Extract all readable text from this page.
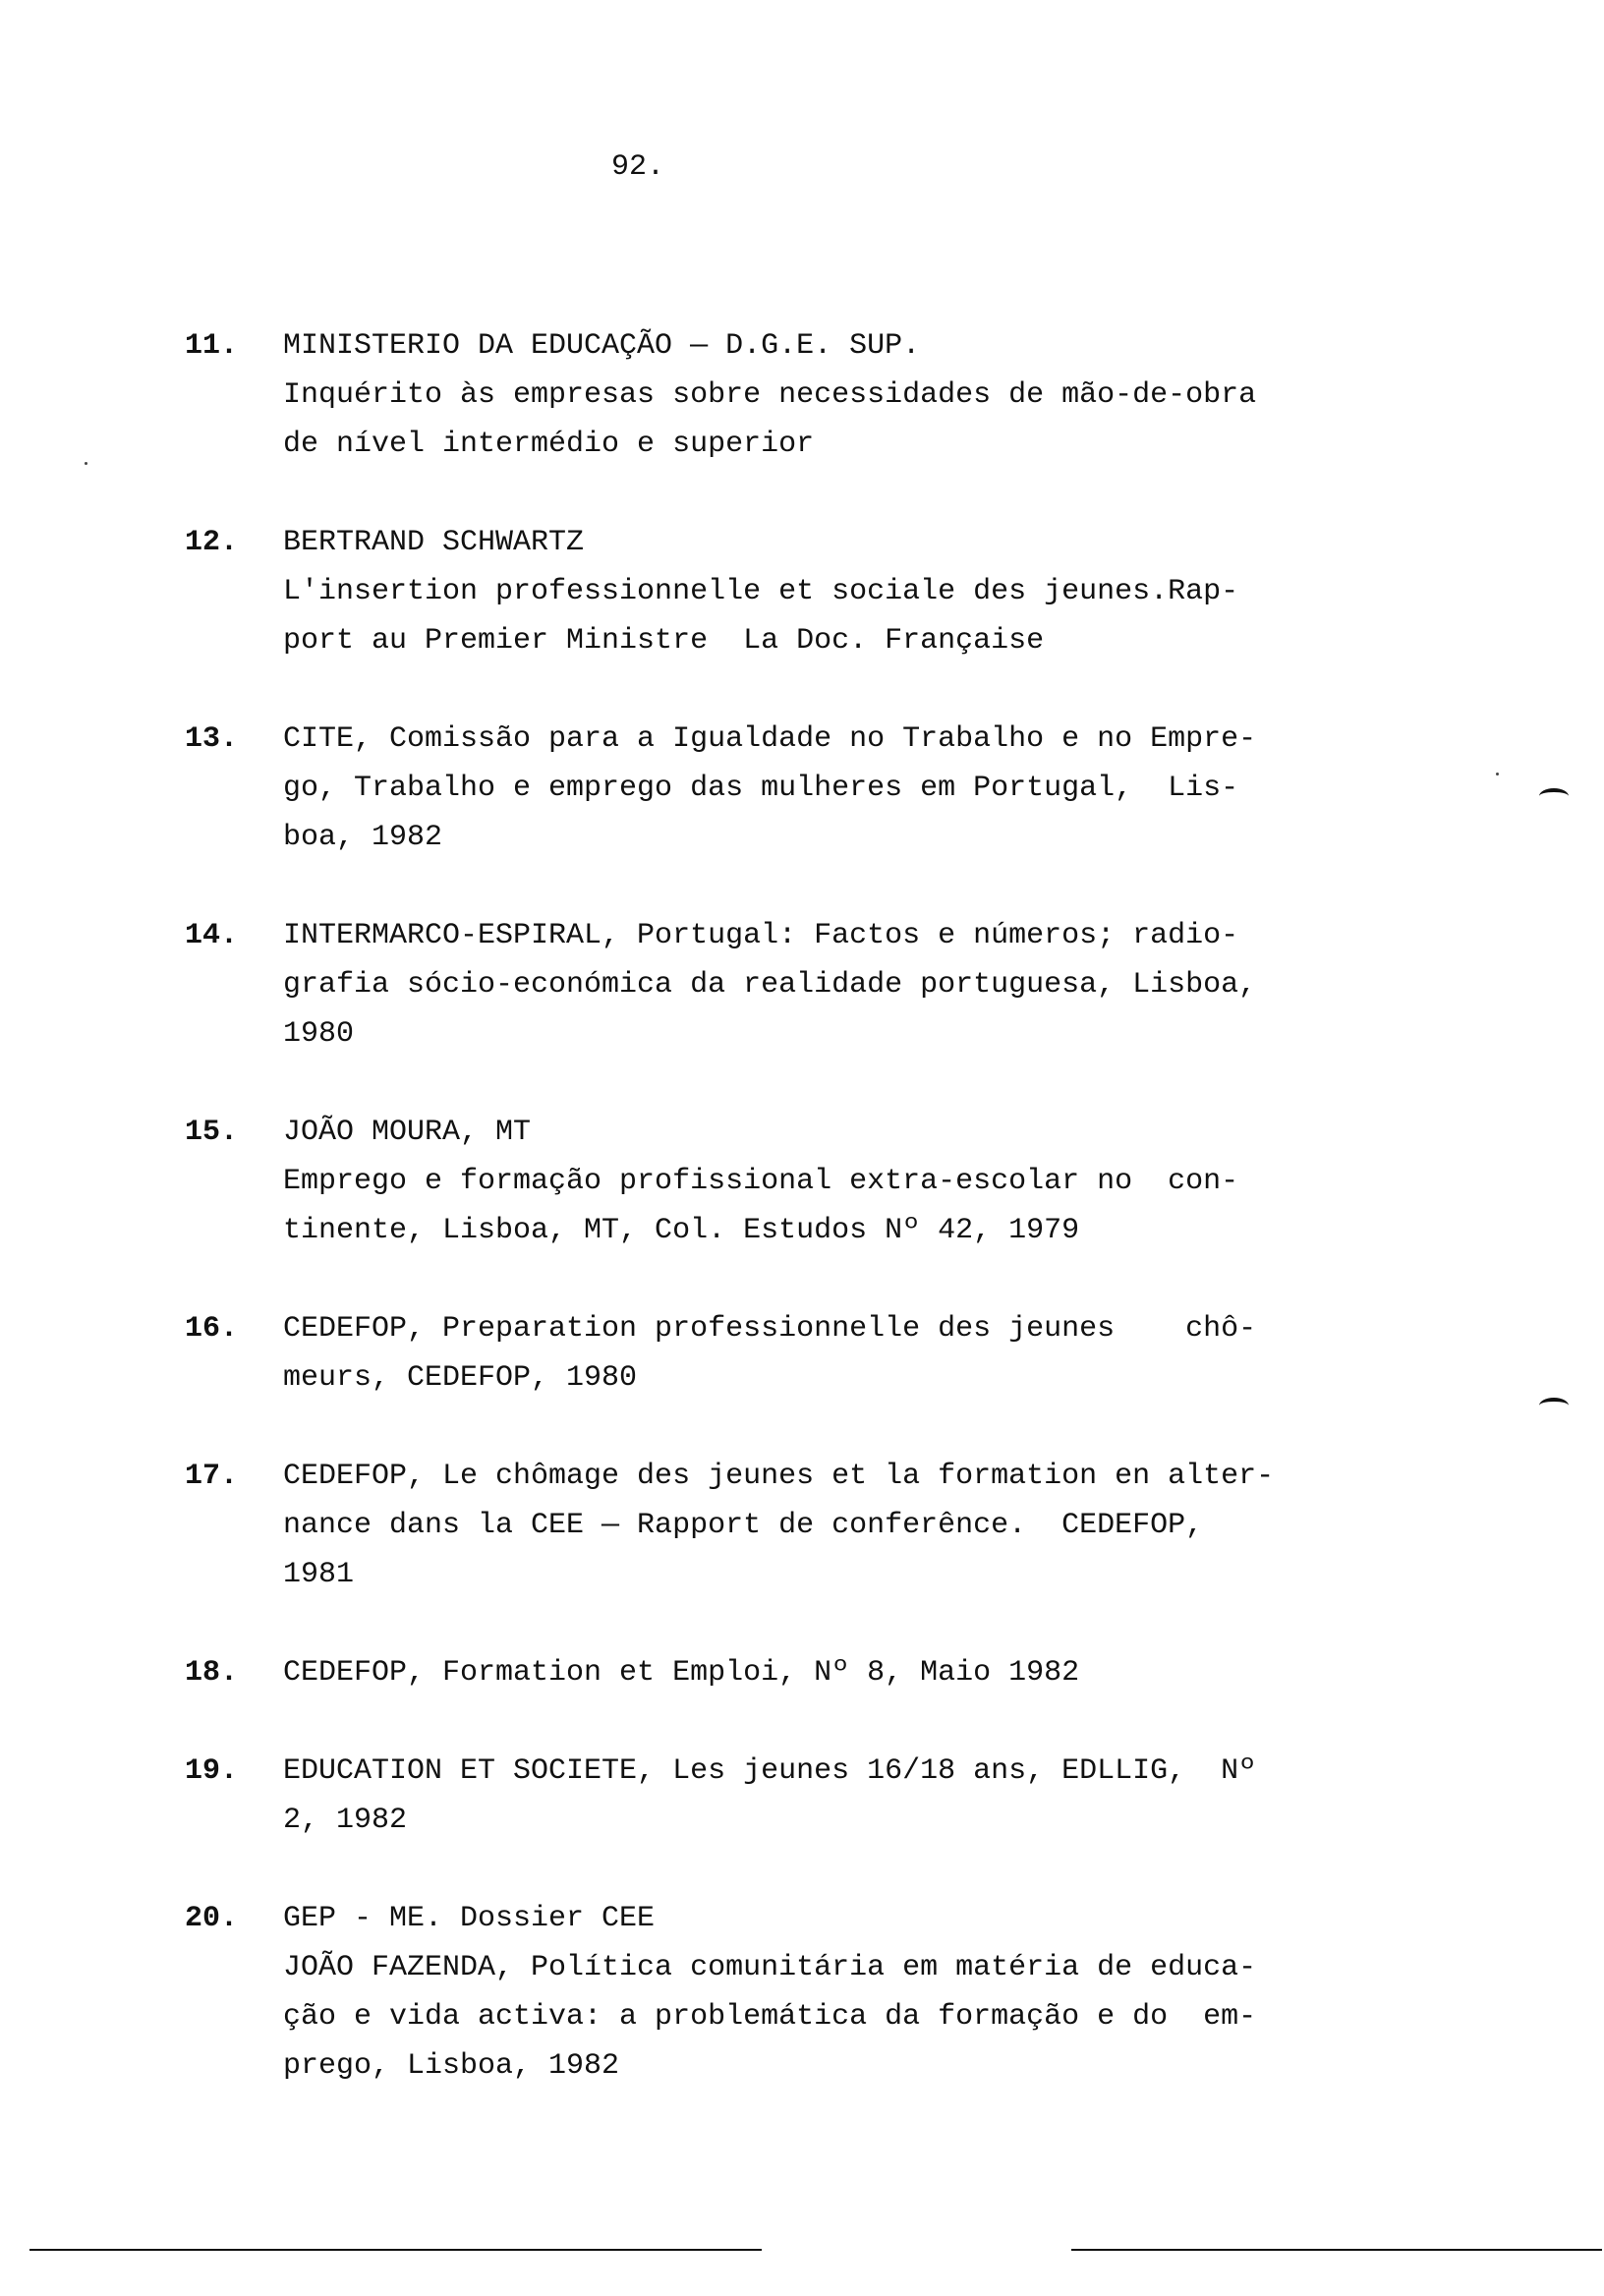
92.
11. MINISTERIO DA EDUCAÇÃO — D.G.E. SUP.
Inquérito às empresas sobre necessidades de mão-de-obra
de nível intermédio e superior
12. BERTRAND SCHWARTZ
L'insertion professionnelle et sociale des jeunes.Rap-
port au Premier Ministre  La Doc. Française
13. CITE, Comissão para a Igualdade no Trabalho e no Empre-
go, Trabalho e emprego das mulheres em Portugal,  Lis-
boa, 1982
14. INTERMARCO-ESPIRAL, Portugal: Factos e números; radio-
grafia sócio-económica da realidade portuguesa, Lisboa,
1980
15. JOÃO MOURA, MT
Emprego e formação profissional extra-escolar no  con-
tinente, Lisboa, MT, Col. Estudos Nº 42, 1979
16. CEDEFOP, Preparation professionnelle des jeunes    chô-
meurs, CEDEFOP, 1980
17. CEDEFOP, Le chômage des jeunes et la formation en alter-
nance dans la CEE — Rapport de conferênce.  CEDEFOP,
1981
18. CEDEFOP, Formation et Emploi, Nº 8, Maio 1982
19. EDUCATION ET SOCIETE, Les jeunes 16/18 ans, EDLLIG,  Nº
2, 1982
20. GEP - ME. Dossier CEE
JOÃO FAZENDA, Política comunitária em matéria de educa-
ção e vida activa: a problemática da formação e do  em-
prego, Lisboa, 1982
